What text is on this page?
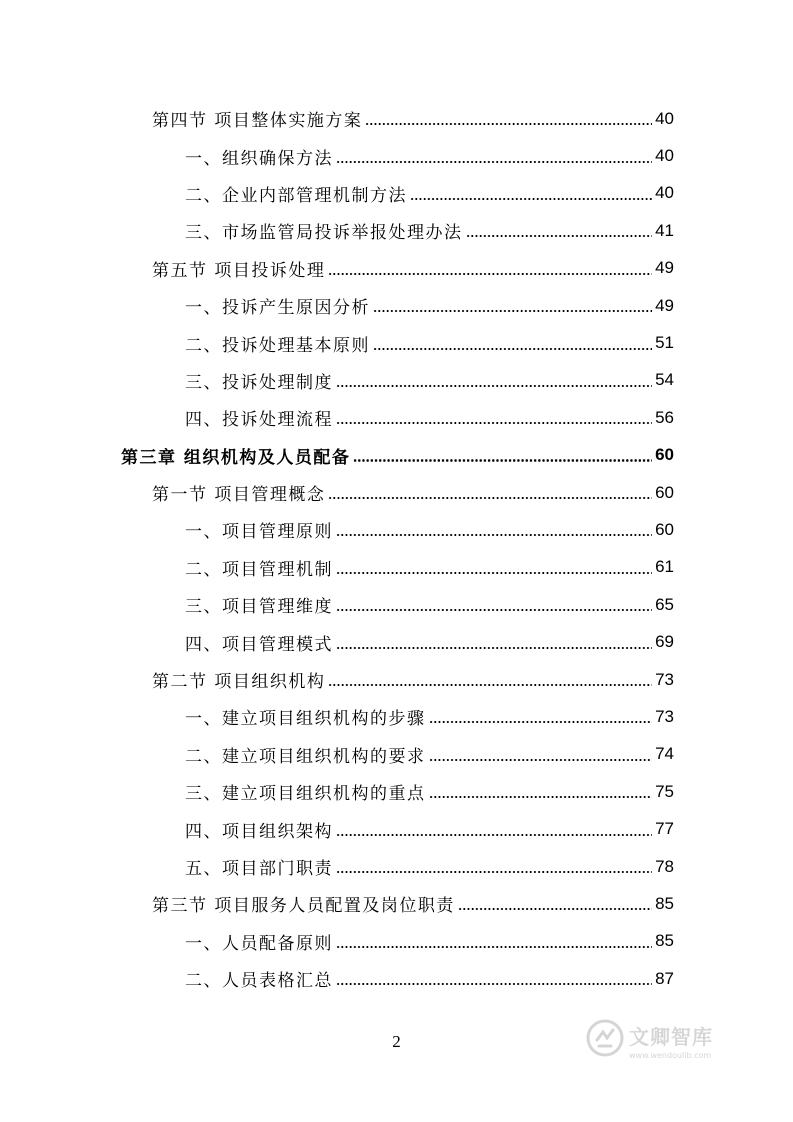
第四节 项目整体实施方案	40
一、组织确保方法	40
二、企业内部管理机制方法	40
三、市场监管局投诉举报处理办法	41
第五节 项目投诉处理	49
一、投诉产生原因分析	49
二、投诉处理基本原则	51
三、投诉处理制度	54
四、投诉处理流程	56
第三章 组织机构及人员配备	60
第一节 项目管理概念	60
一、项目管理原则	60
二、项目管理机制	61
三、项目管理维度	65
四、项目管理模式	69
第二节 项目组织机构	73
一、建立项目组织机构的步骤	73
二、建立项目组织机构的要求	74
三、建立项目组织机构的重点	75
四、项目组织架构	77
五、项目部门职责	78
第三节 项目服务人员配置及岗位职责	85
一、人员配备原则	85
二、人员表格汇总	87
2	文卿智库
www.wendoulib.com
